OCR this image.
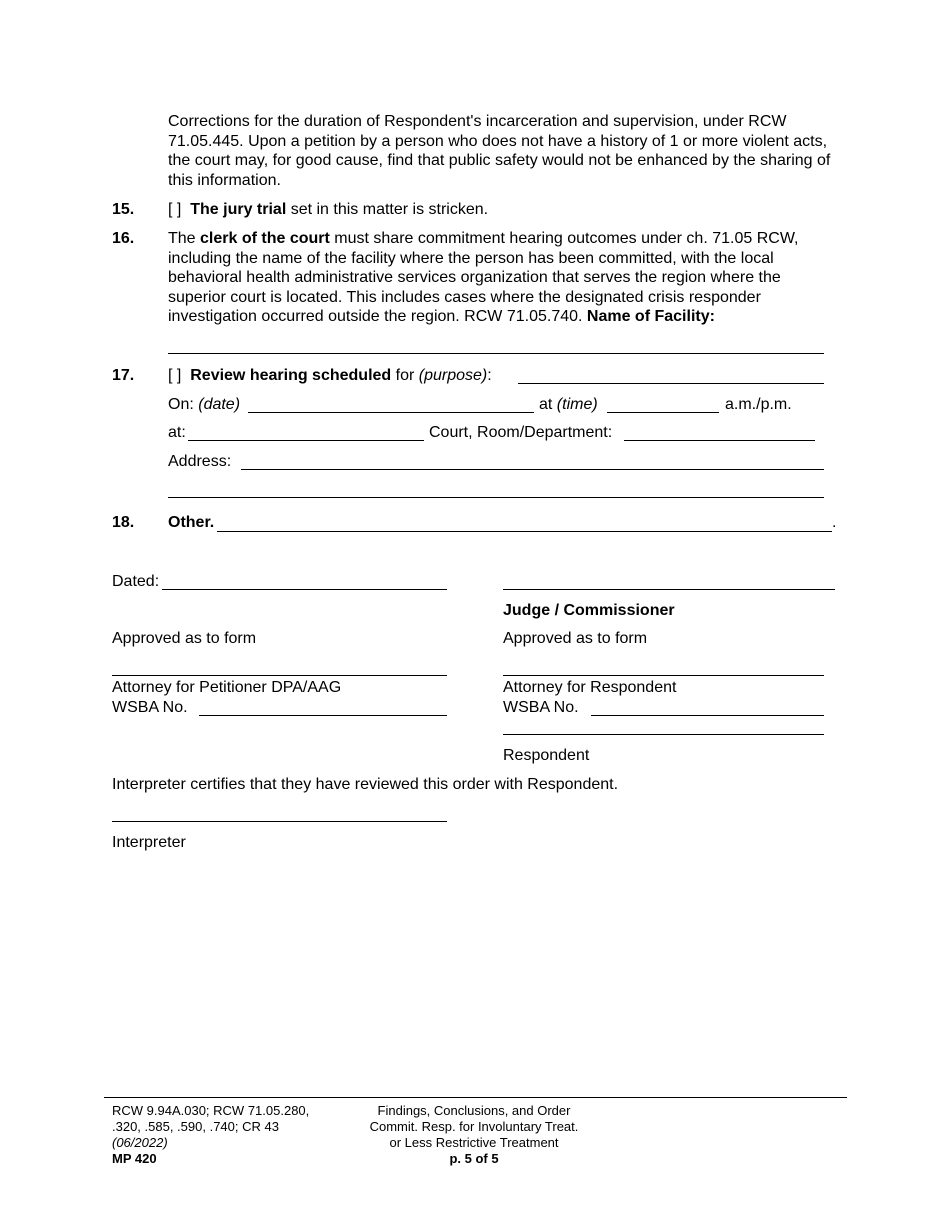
Corrections for the duration of Respondent's incarceration and supervision, under RCW 71.05.445. Upon a petition by a person who does not have a history of 1 or more violent acts, the court may, for good cause, find that public safety would not be enhanced by the sharing of this information.
15. [ ] The jury trial set in this matter is stricken.
16. The clerk of the court must share commitment hearing outcomes under ch. 71.05 RCW, including the name of the facility where the person has been committed, with the local behavioral health administrative services organization that serves the region where the superior court is located. This includes cases where the designated crisis responder investigation occurred outside the region. RCW 71.05.740. Name of Facility:
17. [ ] Review hearing scheduled for (purpose):
On: (date)	at (time)	a.m./p.m.
at:	Court, Room/Department:
Address:
18. Other.	.
Dated:
Judge / Commissioner
Approved as to form	Approved as to form
Attorney for Petitioner DPA/AAG
WSBA No.
Attorney for Respondent
WSBA No.
Respondent
Interpreter certifies that they have reviewed this order with Respondent.
Interpreter
RCW 9.94A.030; RCW 71.05.280,
.320, .585, .590, .740; CR 43
(06/2022)
MP 420
Findings, Conclusions, and Order
Commit. Resp. for Involuntary Treat.
or Less Restrictive Treatment
p. 5 of 5
